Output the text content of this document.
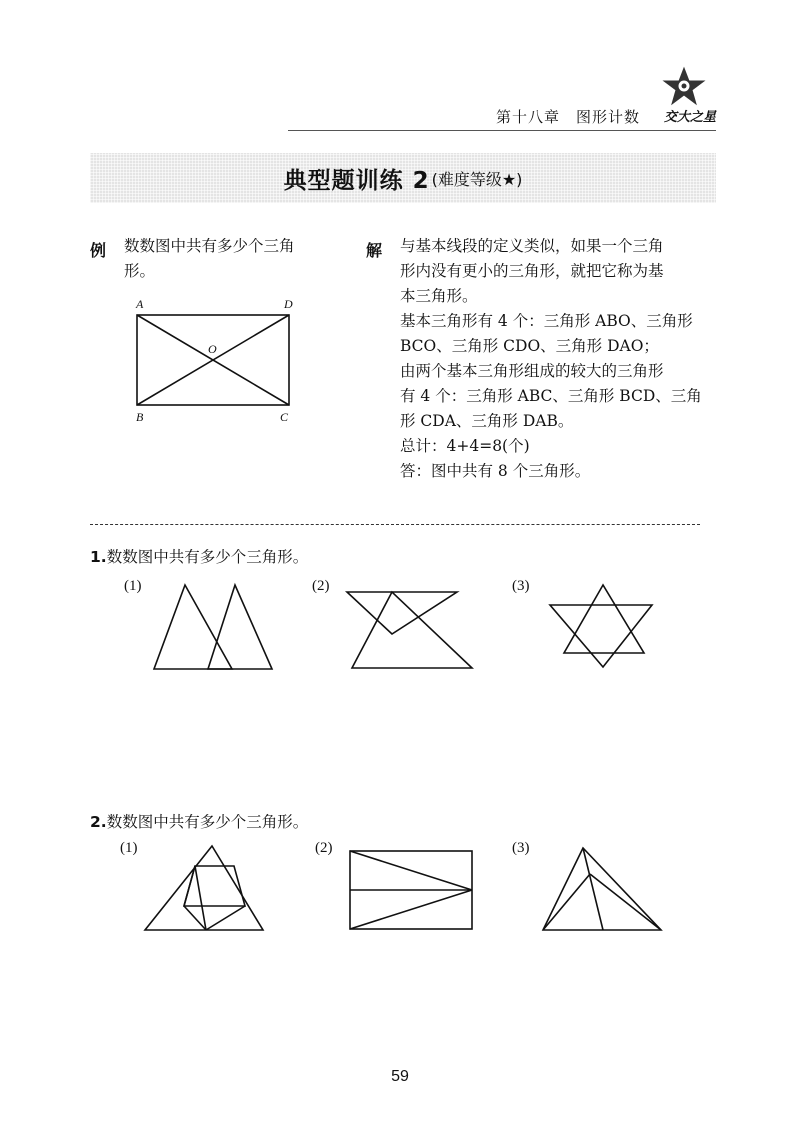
第十八章　图形计数 交大之星
典型题训练 2 (难度等级★)
例 数数图中共有多少个三角
形。
A	D
O
B	C
解 与基本线段的定义类似，如果一个三角
形内没有更小的三角形，就把它称为基
本三角形。
基本三角形有 4 个：三角形 ABO、三角形
BCO、三角形 CDO、三角形 DAO；
由两个基本三角形组成的较大的三角形
有 4 个：三角形 ABC、三角形 BCD、三角
形 CDA、三角形 DAB。
总计：4+4=8(个)
答：图中共有 8 个三角形。
1.数数图中共有多少个三角形。
(1)	(2)	(3)
2.数数图中共有多少个三角形。
(1)	(2)	(3)
59
